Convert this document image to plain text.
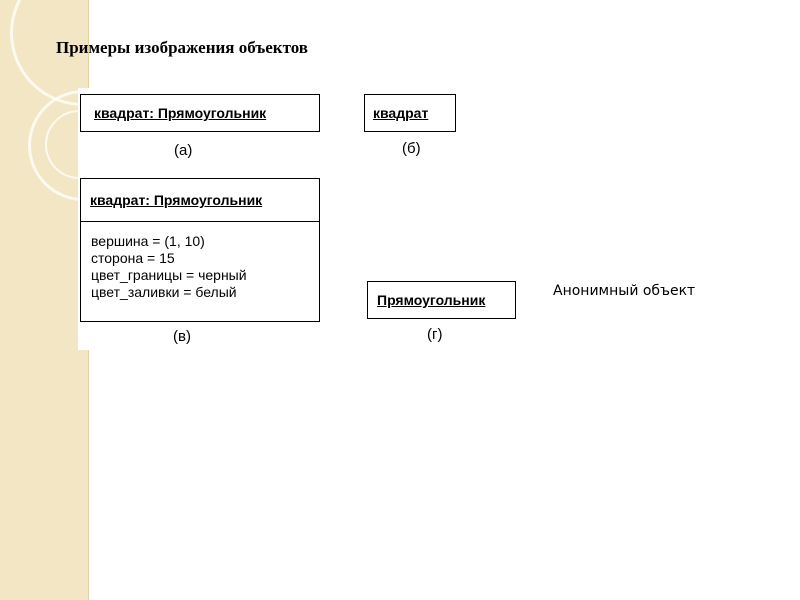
Примеры изображения объектов
квадрат: Прямоугольник
(а)
квадрат
(б)
квадрат: Прямоугольник
вершина = (1, 10)
сторона = 15
цвет_границы = черный
цвет_заливки = белый
(в)
Прямоугольник
(г)
Анонимный объект
